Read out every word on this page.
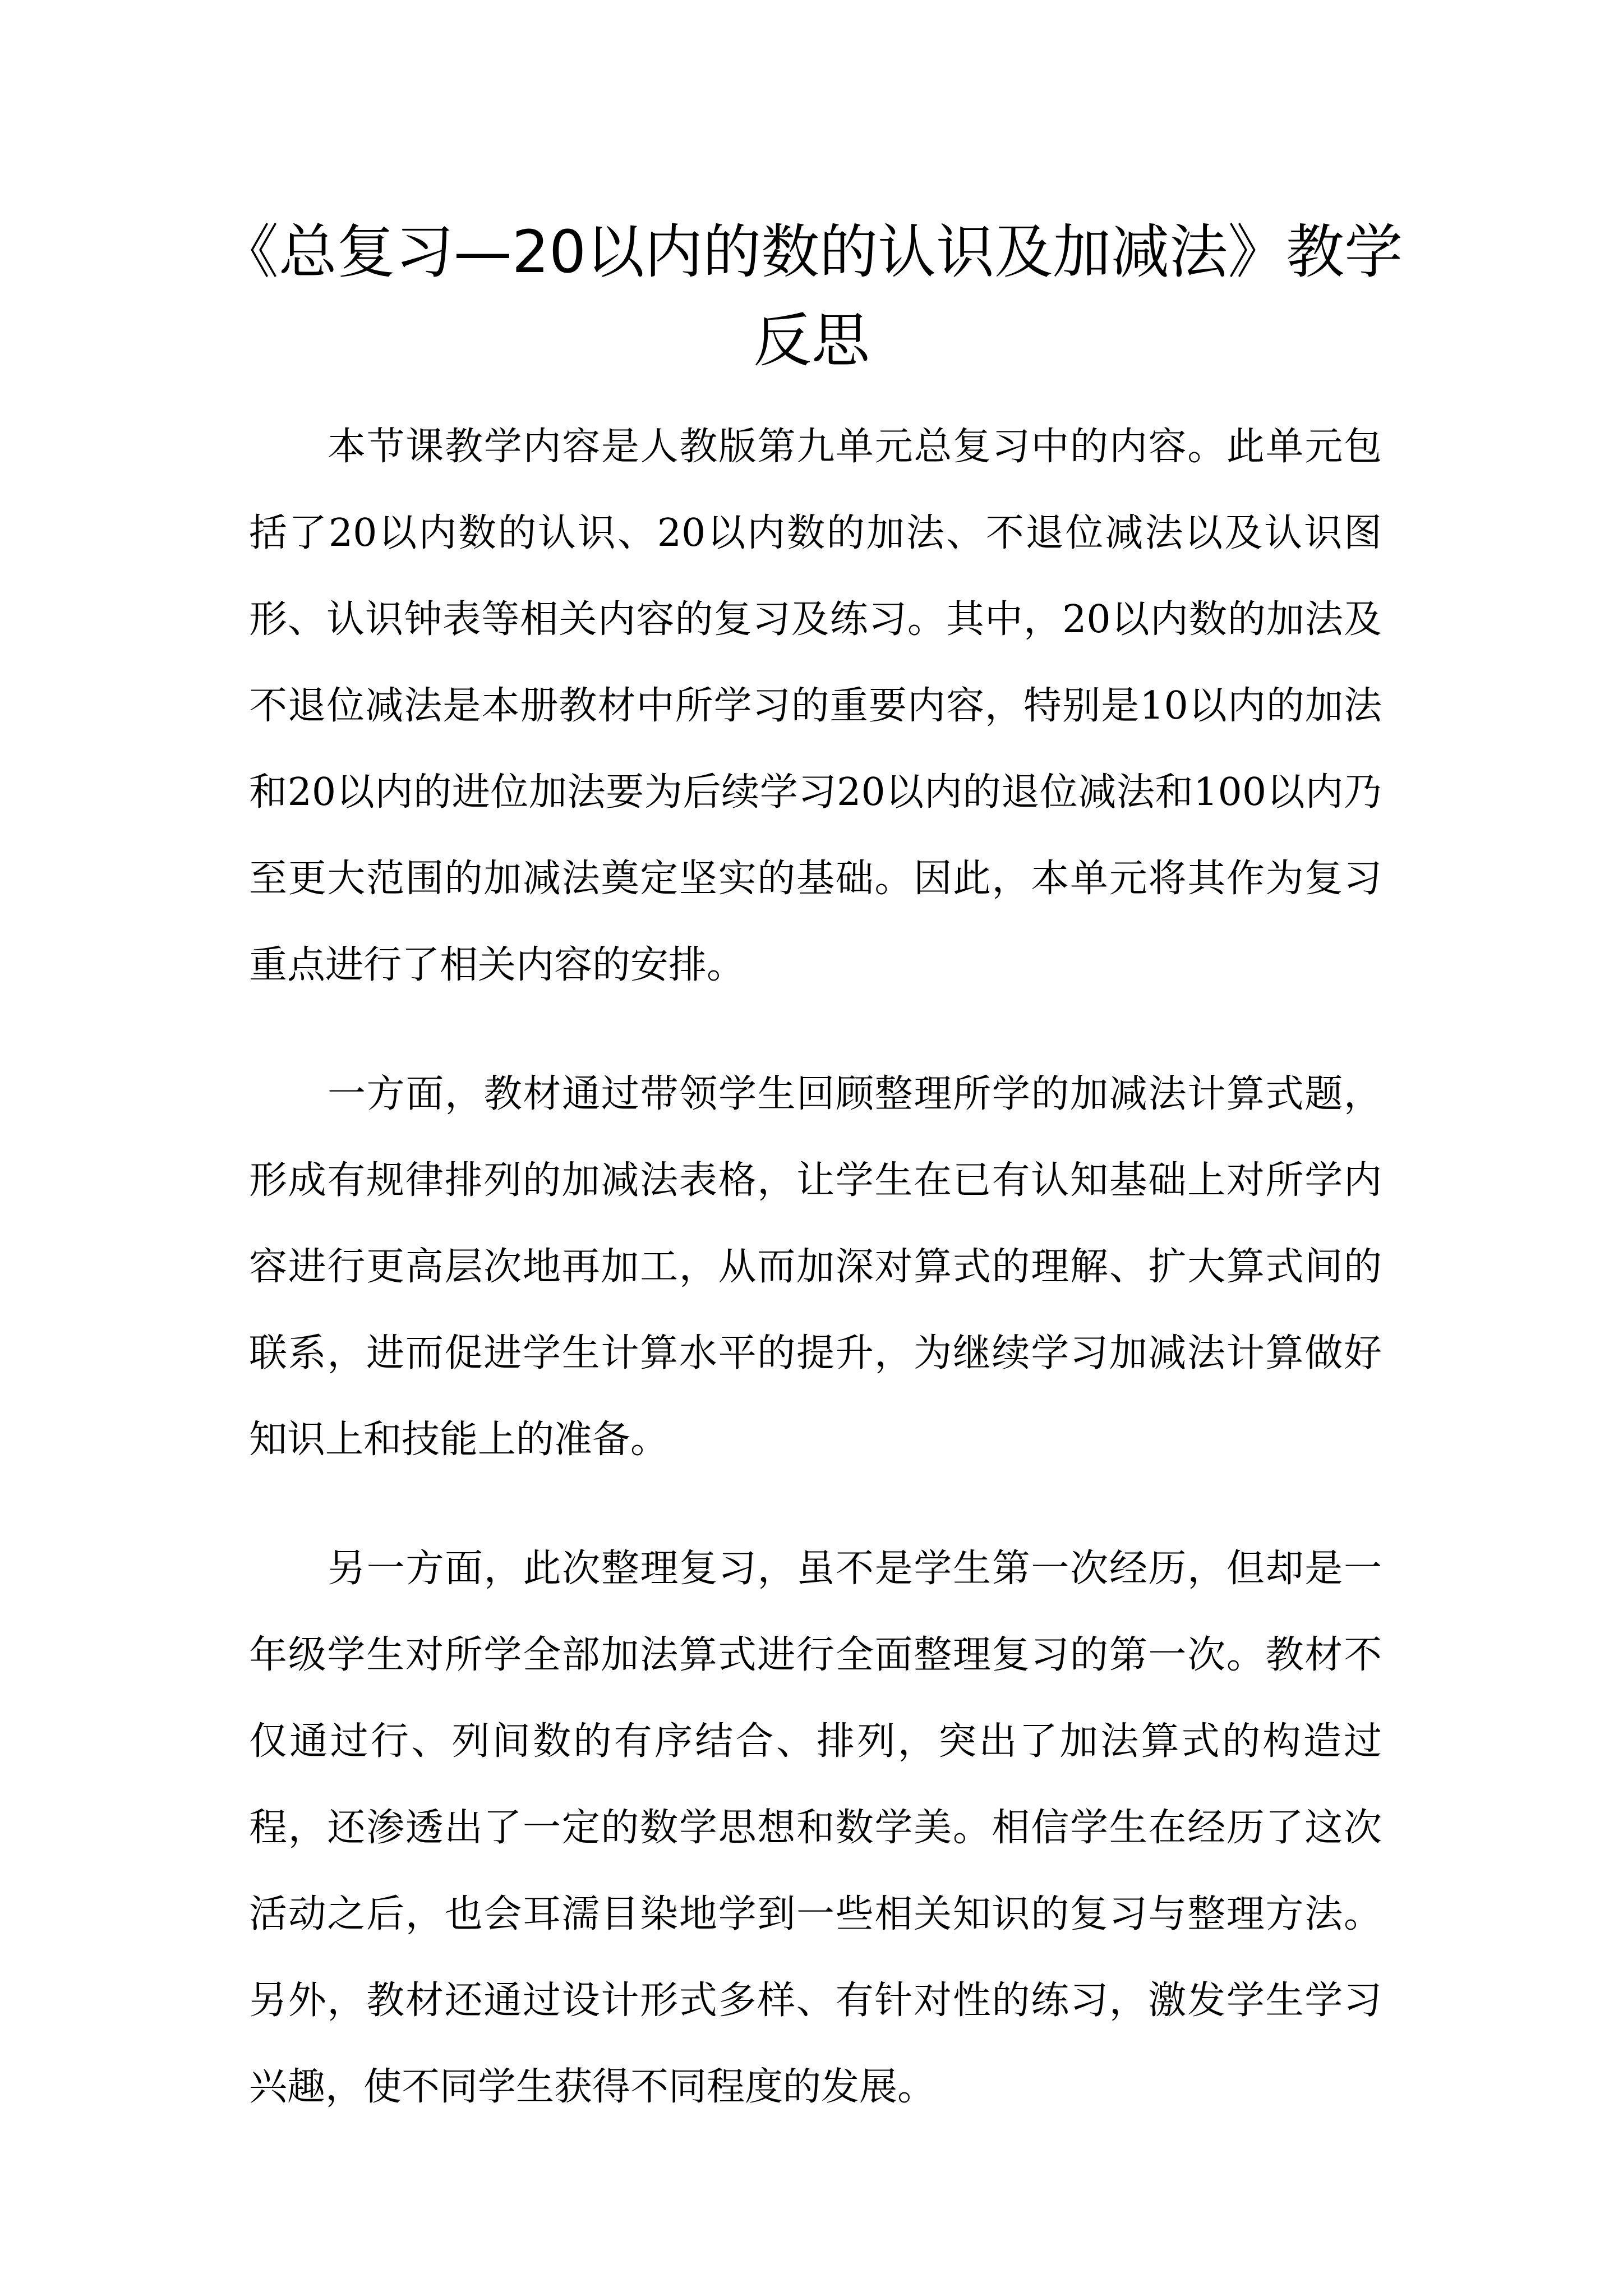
《总复习—20以内的数的认识及加减法》教学反思

本节课教学内容是人教版第九单元总复习中的内容。此单元包括了20以内数的认识、20以内数的加法、不退位减法以及认识图形、认识钟表等相关内容的复习及练习。其中，20以内数的加法及不退位减法是本册教材中所学习的重要内容，特别是10以内的加法和20以内的进位加法要为后续学习20以内的退位减法和100以内乃至更大范围的加减法奠定坚实的基础。因此，本单元将其作为复习重点进行了相关内容的安排。

一方面，教材通过带领学生回顾整理所学的加减法计算式题，形成有规律排列的加减法表格，让学生在已有认知基础上对所学内容进行更高层次地再加工，从而加深对算式的理解、扩大算式间的联系，进而促进学生计算水平的提升，为继续学习加减法计算做好知识上和技能上的准备。

另一方面，此次整理复习，虽不是学生第一次经历，但却是一年级学生对所学全部加法算式进行全面整理复习的第一次。教材不仅通过行、列间数的有序结合、排列，突出了加法算式的构造过程，还渗透出了一定的数学思想和数学美。相信学生在经历了这次活动之后，也会耳濡目染地学到一些相关知识的复习与整理方法。另外，教材还通过设计形式多样、有针对性的练习，激发学生学习兴趣，使不同学生获得不同程度的发展。
